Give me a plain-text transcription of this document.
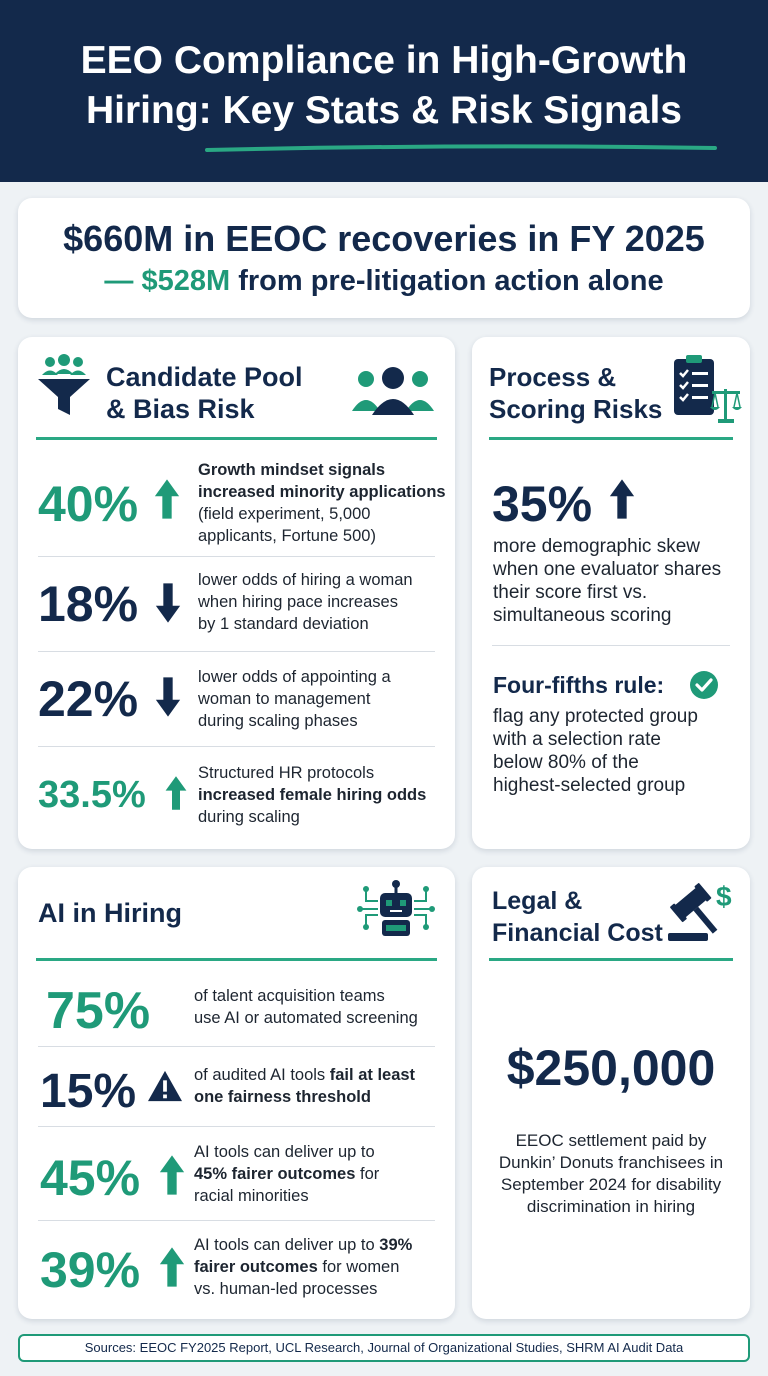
EEO Compliance in High-Growth
Hiring: Key Stats & Risk Signals
$660M in EEOC recoveries in FY 2025
— $528M from pre-litigation action alone
Candidate Pool
& Bias Risk
40%
Growth mindset signals
increased minority applications
(field experiment, 5,000
applicants, Fortune 500)
18%	lower odds of hiring a woman
when hiring pace increases
by 1 standard deviation
22%	lower odds of appointing a
woman to management
during scaling phases
33.5%
Structured HR protocols
increased female hiring odds
during scaling
Process &
Scoring Risks
35%
more demographic skew
when one evaluator shares
their score first vs.
simultaneous scoring
Four-fifths rule:
flag any protected group
with a selection rate
below 80% of the
highest-selected group
AI in Hiring
75%	of talent acquisition teams
use AI or automated screening
15%	of audited AI tools fail at least
one fairness threshold
45%	AI tools can deliver up to
45% fairer outcomes for
racial minorities
39%	AI tools can deliver up to 39%
fairer outcomes for women
vs. human-led processes
Legal &
Financial Cost
$
$250,000
EEOC settlement paid by
Dunkin’ Donuts franchisees in
September 2024 for disability
discrimination in hiring
Sources: EEOC FY2025 Report, UCL Research, Journal of Organizational Studies, SHRM AI Audit Data
